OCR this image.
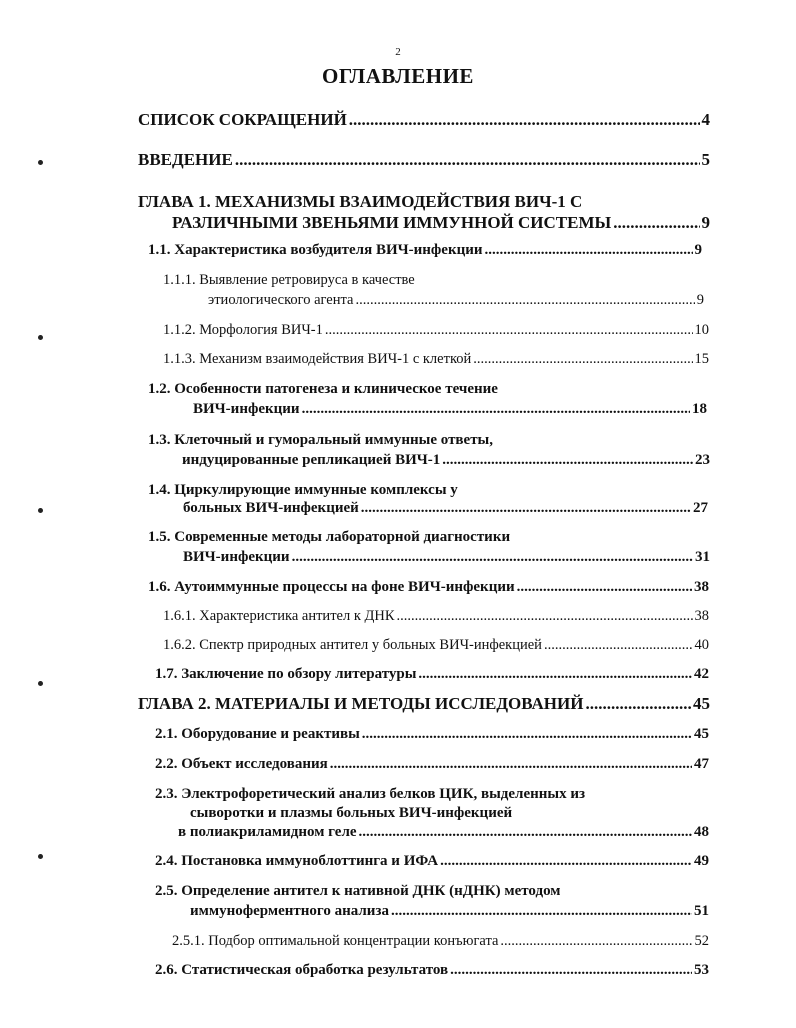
2
ОГЛАВЛЕНИЕ
СПИСОК СОКРАЩЕНИЙ .....	4
ВВЕДЕНИЕ .....	5
ГЛАВА 1. МЕХАНИЗМЫ ВЗАИМОДЕЙСТВИЯ ВИЧ-1 С
РАЗЛИЧНЫМИ ЗВЕНЬЯМИ ИММУННОЙ СИСТЕМЫ .....	9
1.1. Характеристика возбудителя ВИЧ-инфекции .....	9
1.1.1. Выявление ретровируса в качестве
этиологического агента .....	9
1.1.2. Морфология ВИЧ-1 .....	10
1.1.3. Механизм взаимодействия ВИЧ-1 с клеткой .....	15
1.2. Особенности патогенеза и клиническое течение
ВИЧ-инфекции .....	18
1.3. Клеточный и гуморальный иммунные ответы,
индуцированные репликацией ВИЧ-1 .....	23
1.4. Циркулирующие иммунные комплексы у
больных ВИЧ-инфекцией .....	27
1.5. Современные методы лабораторной диагностики
ВИЧ-инфекции .....	31
1.6. Аутоиммунные процессы на фоне ВИЧ-инфекции .....	38
1.6.1. Характеристика антител к ДНК .....	38
1.6.2. Спектр природных антител у больных ВИЧ-инфекцией .....	40
1.7. Заключение по обзору литературы .....	42
ГЛАВА 2. МАТЕРИАЛЫ И МЕТОДЫ ИССЛЕДОВАНИЙ .....	45
2.1. Оборудование и реактивы .....	45
2.2. Объект исследования .....	47
2.3. Электрофоретический анализ белков ЦИК, выделенных из
сыворотки и плазмы больных ВИЧ-инфекцией
в полиакриламидном геле .....	48
2.4. Постановка иммуноблоттинга и ИФА .....	49
2.5. Определение антител к нативной ДНК (нДНК) методом
иммуноферментного анализа .....	51
2.5.1. Подбор оптимальной концентрации конъюгата .....	52
2.6. Статистическая обработка результатов .....	53
